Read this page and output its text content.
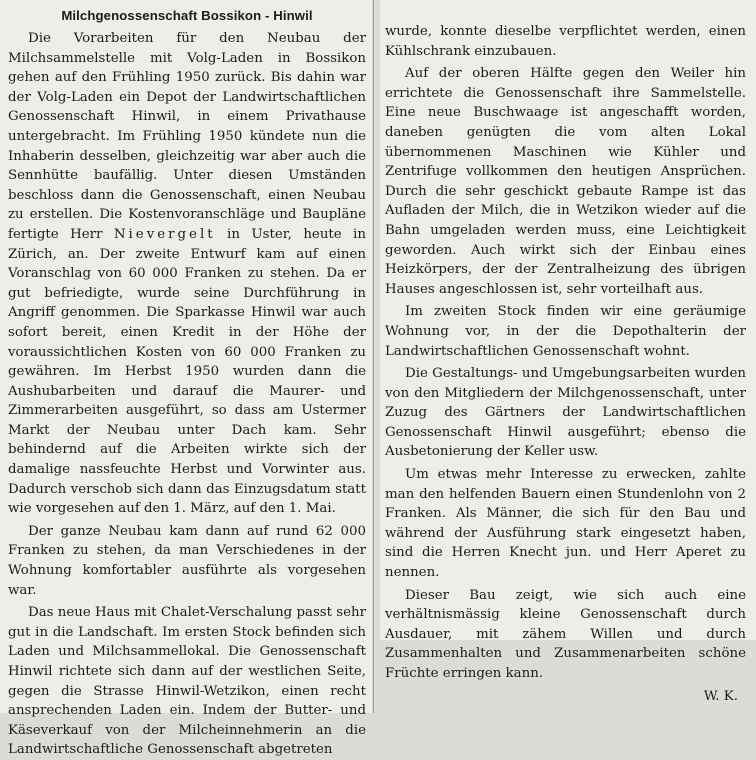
Milchgenossenschaft Bossikon - Hinwil

Die Vorarbeiten für den Neubau der Milchsammelstelle mit Volg-Laden in Bossikon gehen auf den Frühling 1950 zurück. Bis dahin war der Volg-Laden ein Depot der Landwirtschaftlichen Genossenschaft Hinwil, in einem Privathause untergebracht. Im Frühling 1950 kündete nun die Inhaberin desselben, gleichzeitig war aber auch die Sennhütte baufällig. Unter diesen Umständen beschloss dann die Genossenschaft, einen Neubau zu erstellen. Die Kostenvoranschläge und Baupläne fertigte Herr Nievergelt in Uster, heute in Zürich, an. Der zweite Entwurf kam auf einen Voranschlag von 60 000 Franken zu stehen. Da er gut befriedigte, wurde seine Durchführung in Angriff genommen. Die Sparkasse Hinwil war auch sofort bereit, einen Kredit in der Höhe der voraussichtlichen Kosten von 60 000 Franken zu gewähren. Im Herbst 1950 wurden dann die Aushubarbeiten und darauf die Maurer- und Zimmerarbeiten ausgeführt, so dass am Ustermer Markt der Neubau unter Dach kam. Sehr behindernd auf die Arbeiten wirkte sich der damalige nassfeuchte Herbst und Vorwinter aus. Dadurch verschob sich dann das Einzugsdatum statt wie vorgesehen auf den 1. März, auf den 1. Mai.

Der ganze Neubau kam dann auf rund 62 000 Franken zu stehen, da man Verschiedenes in der Wohnung komfortabler ausführte als vorgesehen war.

Das neue Haus mit Chalet-Verschalung passt sehr gut in die Landschaft. Im ersten Stock befinden sich Laden und Milchsammellokal. Die Genossenschaft Hinwil richtete sich dann auf der westlichen Seite, gegen die Strasse Hinwil-Wetzikon, einen recht ansprechenden Laden ein. Indem der Butter- und Käseverkauf von der Milcheinnehmerin an die Landwirtschaftliche Genossenschaft abgetreten

wurde, konnte dieselbe verpflichtet werden, einen Kühlschrank einzubauen.

Auf der oberen Hälfte gegen den Weiler hin errichtete die Genossenschaft ihre Sammelstelle. Eine neue Buschwaage ist angeschafft worden, daneben genügten die vom alten Lokal übernommenen Maschinen wie Kühler und Zentrifuge vollkommen den heutigen Ansprüchen. Durch die sehr geschickt gebaute Rampe ist das Aufladen der Milch, die in Wetzikon wieder auf die Bahn umgeladen werden muss, eine Leichtigkeit geworden. Auch wirkt sich der Einbau eines Heizkörpers, der der Zentralheizung des übrigen Hauses angeschlossen ist, sehr vorteilhaft aus.

Im zweiten Stock finden wir eine geräumige Wohnung vor, in der die Depothalterin der Landwirtschaftlichen Genossenschaft wohnt.

Die Gestaltungs- und Umgebungsarbeiten wurden von den Mitgliedern der Milchgenossenschaft, unter Zuzug des Gärtners der Landwirtschaftlichen Genossenschaft Hinwil ausgeführt; ebenso die Ausbetonierung der Keller usw.

Um etwas mehr Interesse zu erwecken, zahlte man den helfenden Bauern einen Stundenlohn von 2 Franken. Als Männer, die sich für den Bau und während der Ausführung stark eingesetzt haben, sind die Herren Knecht jun. und Herr Aperet zu nennen.

Dieser Bau zeigt, wie sich auch eine verhältnismässig kleine Genossenschaft durch Ausdauer, mit zähem Willen und durch Zusammenhalten und Zusammenarbeiten schöne Früchte erringen kann.

W. K.
